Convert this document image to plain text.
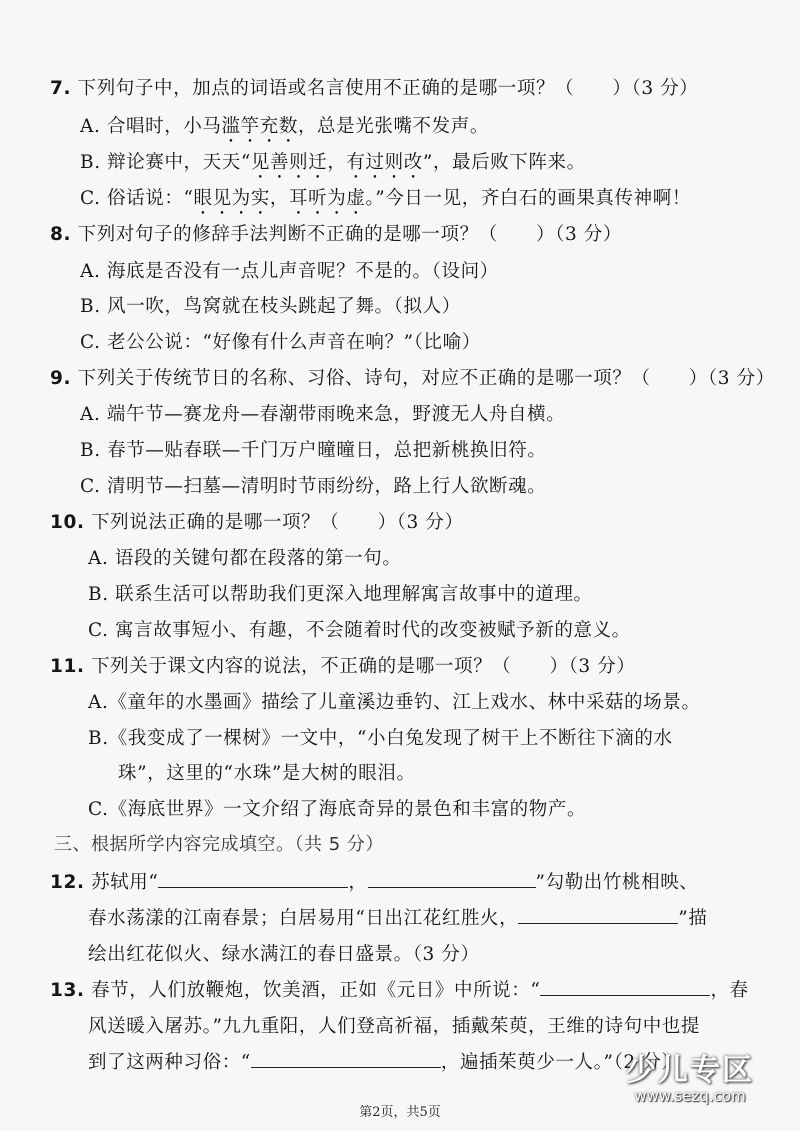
7. 下列句子中，加点的词语或名言使用不正确的是哪一项？（　　）（3 分）
A. 合唱时，小马滥竽充数，总是光张嘴不发声。
B. 辩论赛中，天天“见善则迁，有过则改”，最后败下阵来。
C. 俗话说：“眼见为实，耳听为虚。”今日一见，齐白石的画果真传神啊！
8. 下列对句子的修辞手法判断不正确的是哪一项？（　　）（3 分）
A. 海底是否没有一点儿声音呢？不是的。（设问）
B. 风一吹，鸟窝就在枝头跳起了舞。（拟人）
C. 老公公说：“好像有什么声音在响？”（比喻）
9. 下列关于传统节日的名称、习俗、诗句，对应不正确的是哪一项？（　　）（3 分）
A. 端午节—赛龙舟—春潮带雨晚来急，野渡无人舟自横。
B. 春节—贴春联—千门万户曈曈日，总把新桃换旧符。
C. 清明节—扫墓—清明时节雨纷纷，路上行人欲断魂。
10. 下列说法正确的是哪一项？（　　）（3 分）
A. 语段的关键句都在段落的第一句。
B. 联系生活可以帮助我们更深入地理解寓言故事中的道理。
C. 寓言故事短小、有趣，不会随着时代的改变被赋予新的意义。
11. 下列关于课文内容的说法，不正确的是哪一项？（　　）（3 分）
A.《童年的水墨画》描绘了儿童溪边垂钓、江上戏水、林中采菇的场景。
B.《我变成了一棵树》一文中，“小白兔发现了树干上不断往下滴的水
珠”，这里的“水珠”是大树的眼泪。
C.《海底世界》一文介绍了海底奇异的景色和丰富的物产。
三、根据所学内容完成填空。（共 5 分）
12. 苏轼用“	，	”勾勒出竹桃相映、
春水荡漾的江南春景；白居易用“日出江花红胜火，	”描
绘出红花似火、绿水满江的春日盛景。（3 分）
13. 春节，人们放鞭炮，饮美酒，正如《元日》中所说：“	，春
风送暖入屠苏。”九九重阳，人们登高祈福，插戴茱萸，王维的诗句中也提
到了这两种习俗：“	，遍插茱萸少一人。”（2 分）
少儿专区
www.sezq.com
第2页，共5页
